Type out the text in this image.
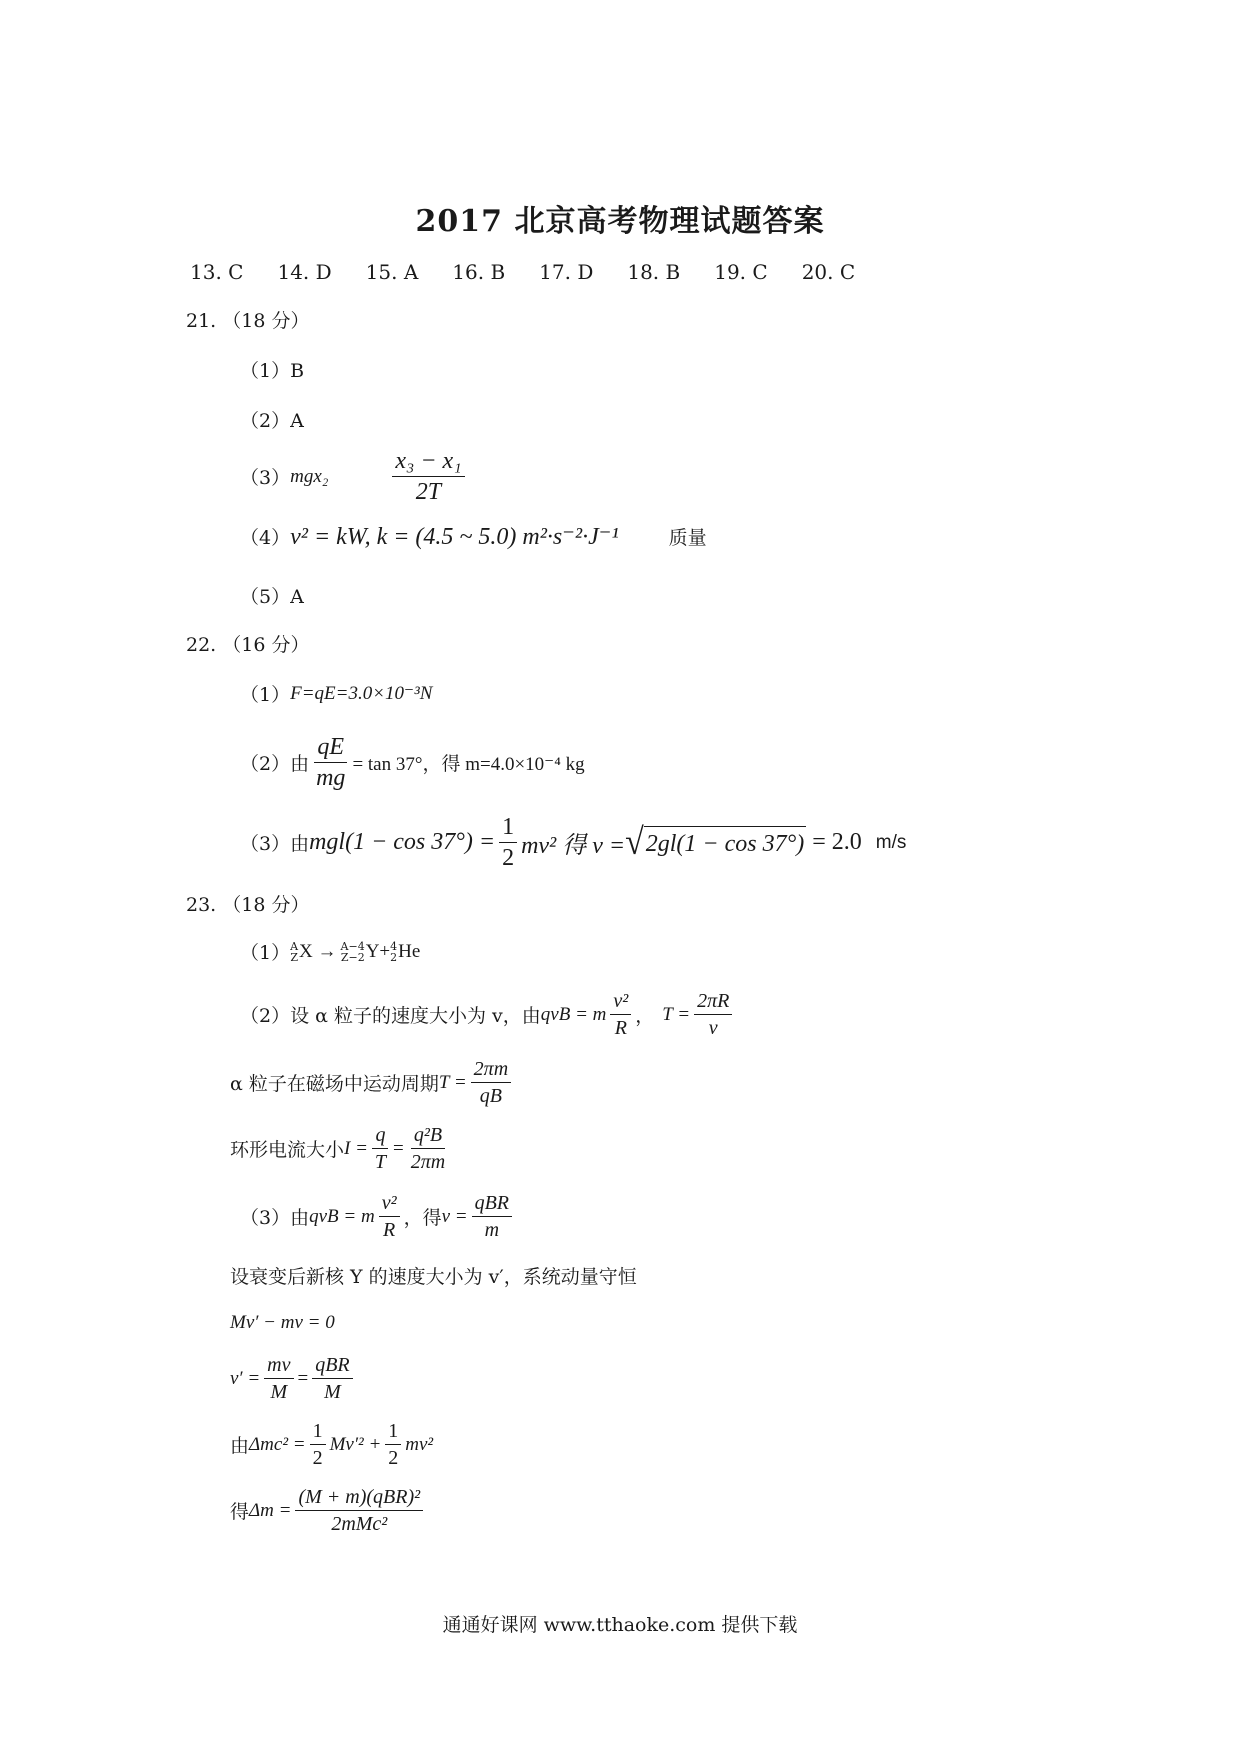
2017 北京高考物理试题答案
13. C 14. D 15. A 16. B 17. D 18. B 19. C 20. C
21. （18 分）
（1）B
（2）A
（3） mgx₂	$\frac{\text{x₃ − x₁}}{2T}$
（4） v² = kW, k = (4.5 ~ 5.0) m²·s⁻²·J⁻¹	质量
（5）A
22. （16 分）
（1） F=qE=3.0×10⁻³N
（2）由 $\frac{qE}{mg} = \tan 37^\circ$，得 m=4.0×10⁻⁴ kg
（3）由 $mgl(1 - \cos 37^\circ) = \frac{1}{2} mv^2$ 得 v = √ 2gl(1 − cos 37°) = 2.0 m/s
23. （18 分）
（1） A
Z X → A−4
Z−2 Y+ 4
2 He
（2）设 α 粒子的速度大小为 v，由 qvB = m $\frac{\text{v²}}{R}$ ， $T = \frac{2\pi R}{v}$
α 粒子在磁场中运动周期 $T = \frac{2\pi m}{qB}$
环形电流大小 $I = \frac{q}{T} = \frac{\text{q²B}}{2\pi m}$
（3）由 qvB = m $\frac{\text{v²}}{R}$ ，得 $v = \frac{\text{qBR}}{m}$
设衰变后新核 Y 的速度大小为 v′，系统动量守恒
Mv′ − mv = 0
$v' = \frac{mv}{M} = \frac{\text{qBR}}{M}$
由 $\Delta mc^2 = \frac{1}{2} Mv'^2 + \frac{1}{2} mv^2$
得 $\Delta m = \frac{\text{(M + m)(qBR)²}}{\text{2mMc²}}$
通通好课网 www.tthaoke.com 提供下载
